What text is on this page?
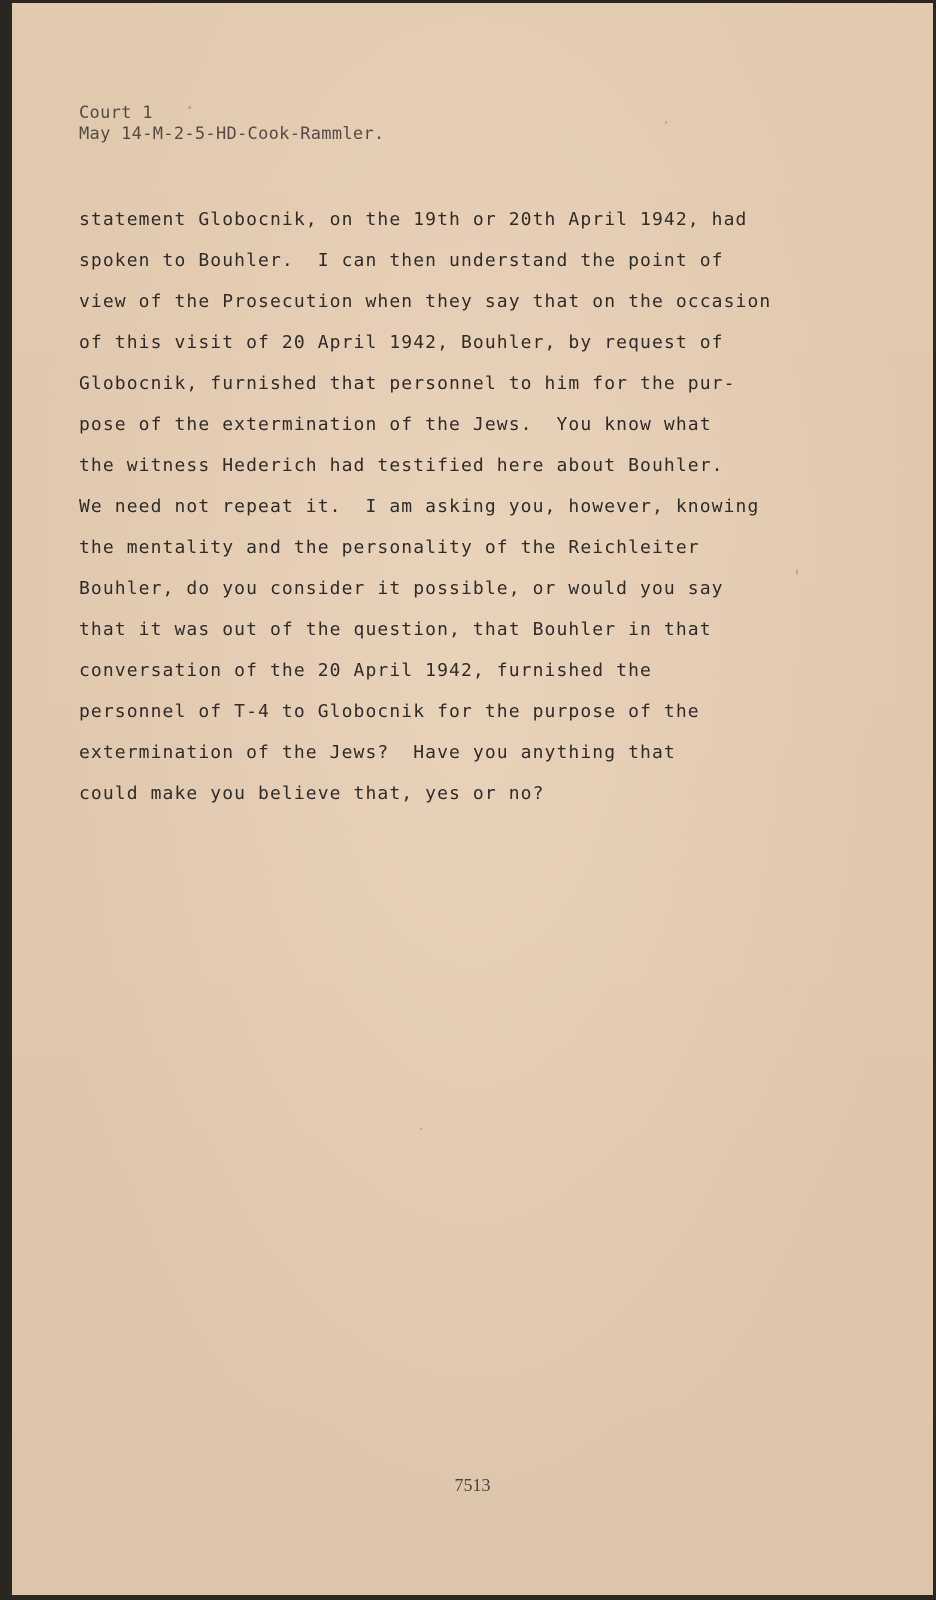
Court 1
May 14-M-2-5-HD-Cook-Rammler.
statement Globocnik, on the 19th or 20th April 1942, had
spoken to Bouhler.  I can then understand the point of
view of the Prosecution when they say that on the occasion
of this visit of 20 April 1942, Bouhler, by request of
Globocnik, furnished that personnel to him for the pur-
pose of the extermination of the Jews.  You know what
the witness Hederich had testified here about Bouhler.
We need not repeat it.  I am asking you, however, knowing
the mentality and the personality of the Reichleiter
Bouhler, do you consider it possible, or would you say
that it was out of the question, that Bouhler in that
conversation of the 20 April 1942, furnished the
personnel of T-4 to Globocnik for the purpose of the
extermination of the Jews?  Have you anything that
could make you believe that, yes or no?
7513
